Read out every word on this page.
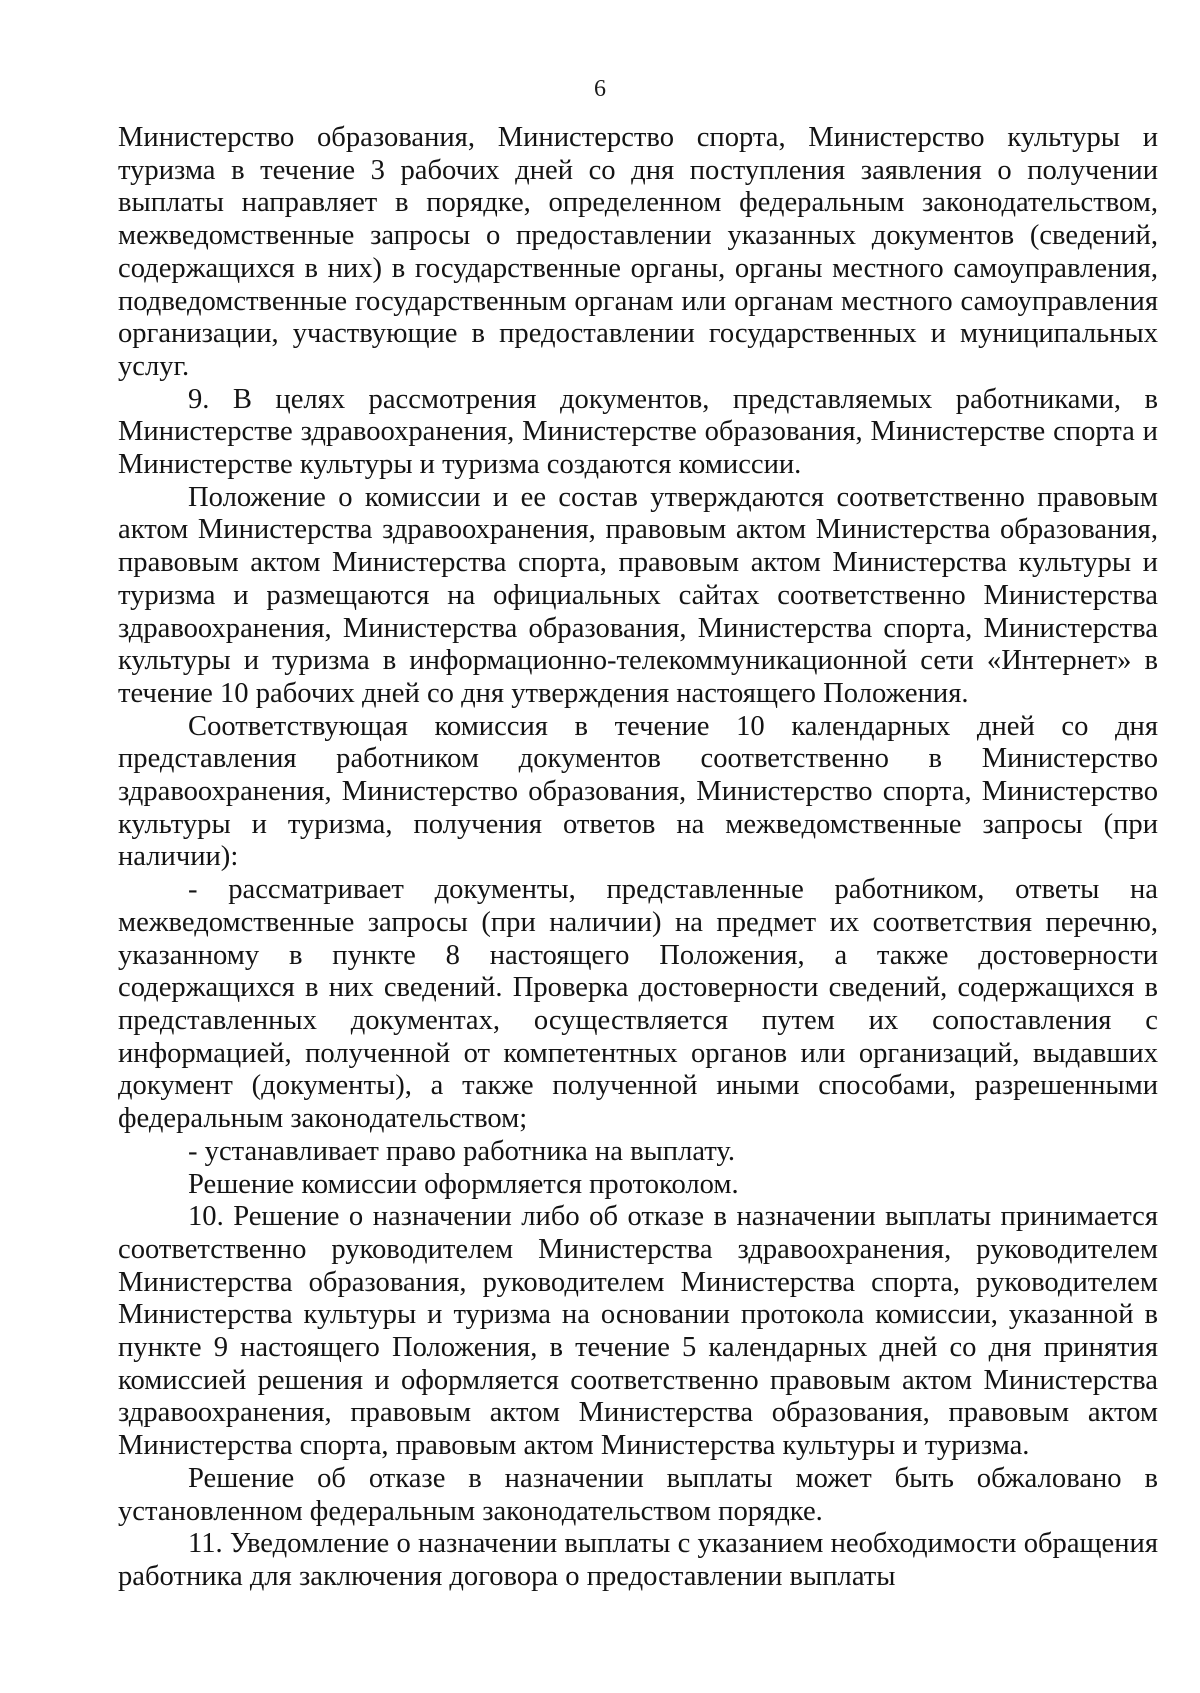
6

Министерство образования, Министерство спорта, Министерство культуры и туризма в течение 3 рабочих дней со дня поступления заявления о получении выплаты направляет в порядке, определенном федеральным законодательством, межведомственные запросы о предоставлении указанных документов (сведений, содержащихся в них) в государственные органы, органы местного самоуправления, подведомственные государственным органам или органам местного самоуправления организации, участвующие в предоставлении государственных и муниципальных услуг.

9. В целях рассмотрения документов, представляемых работниками, в Министерстве здравоохранения, Министерстве образования, Министерстве спорта и Министерстве культуры и туризма создаются комиссии.

Положение о комиссии и ее состав утверждаются соответственно правовым актом Министерства здравоохранения, правовым актом Министерства образования, правовым актом Министерства спорта, правовым актом Министерства культуры и туризма и размещаются на официальных сайтах соответственно Министерства здравоохранения, Министерства образования, Министерства спорта, Министерства культуры и туризма в информационно-телекоммуникационной сети «Интернет» в течение 10 рабочих дней со дня утверждения настоящего Положения.

Соответствующая комиссия в течение 10 календарных дней со дня представления работником документов соответственно в Министерство здравоохранения, Министерство образования, Министерство спорта, Министерство культуры и туризма, получения ответов на межведомственные запросы (при наличии):

- рассматривает документы, представленные работником, ответы на межведомственные запросы (при наличии) на предмет их соответствия перечню, указанному в пункте 8 настоящего Положения, а также достоверности содержащихся в них сведений. Проверка достоверности сведений, содержащихся в представленных документах, осуществляется путем их сопоставления с информацией, полученной от компетентных органов или организаций, выдавших документ (документы), а также полученной иными способами, разрешенными федеральным законодательством;

- устанавливает право работника на выплату.

Решение комиссии оформляется протоколом.

10. Решение о назначении либо об отказе в назначении выплаты принимается соответственно руководителем Министерства здравоохранения, руководителем Министерства образования, руководителем Министерства спорта, руководителем Министерства культуры и туризма на основании протокола комиссии, указанной в пункте 9 настоящего Положения, в течение 5 календарных дней со дня принятия комиссией решения и оформляется соответственно правовым актом Министерства здравоохранения, правовым актом Министерства образования, правовым актом Министерства спорта, правовым актом Министерства культуры и туризма.

Решение об отказе в назначении выплаты может быть обжаловано в установленном федеральным законодательством порядке.

11. Уведомление о назначении выплаты с указанием необходимости обращения работника для заключения договора о предоставлении выплаты
